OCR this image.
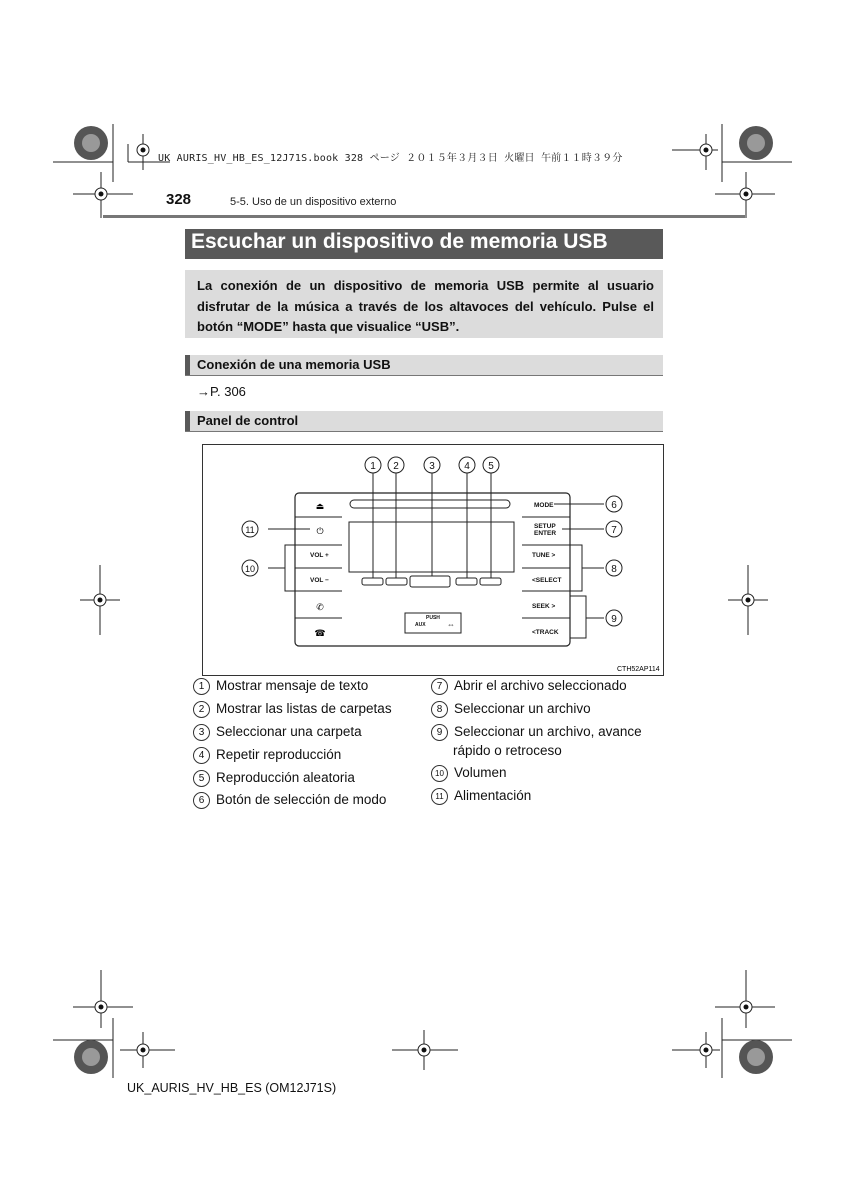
UK AURIS_HV_HB_ES_12J71S.book 328 ページ ２０１５年３月３日 火曜日 午前１１時３９分
328	5-5. Uso de un dispositivo externo
Escuchar un dispositivo de memoria USB
La conexión de un dispositivo de memoria USB permite al usuario disfrutar de la música a través de los altavoces del vehículo. Pulse el botón “MODE” hasta que visualice “USB”.
Conexión de una memoria USB
→P. 306
Panel de control
⏏
⏻
✆
☎
VOL +
VOL −
MODE
SETUP
ENTER
TUNE >
<SELECT
SEEK >
<TRACK
PUSH
AUX	⇔
1 2	3	4 5
6
7
8
9
10
11
CTH52AP114
1 Mostrar mensaje de texto
2 Mostrar las listas de carpetas
3 Seleccionar una carpeta
4 Repetir reproducción
5 Reproducción aleatoria
6 Botón de selección de modo
7 Abrir el archivo seleccionado
8 Seleccionar un archivo
9 Seleccionar un archivo, avance
rápido o retroceso
10 Volumen
11 Alimentación
UK_AURIS_HV_HB_ES (OM12J71S)
